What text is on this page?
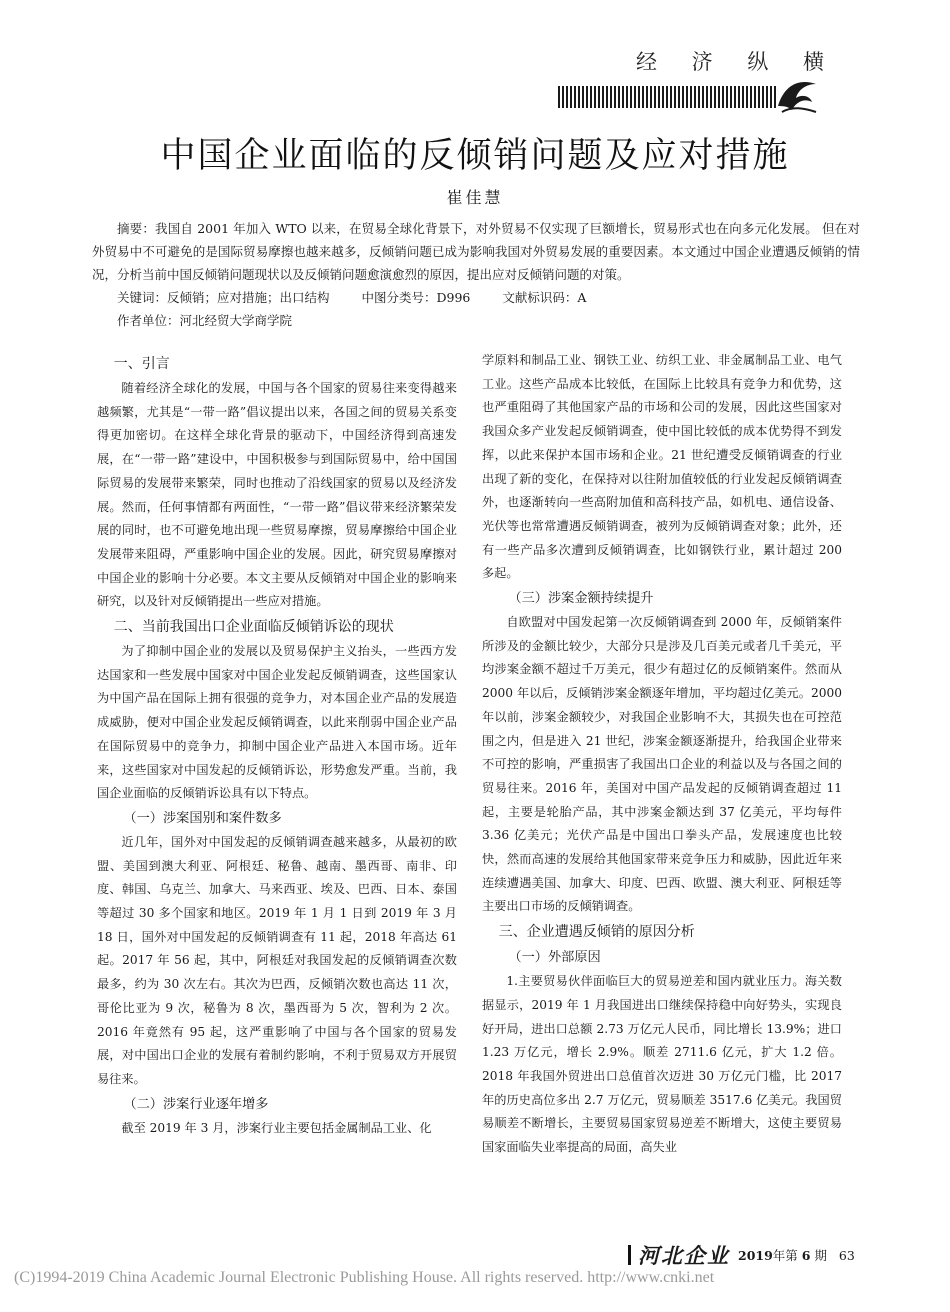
经 济 纵 横
中国企业面临的反倾销问题及应对措施
崔佳慧

摘要：我国自 2001 年加入 WTO 以来，在贸易全球化背景下，对外贸易不仅实现了巨额增长，贸易形式也在向多元化发展。 但在对外贸易中不可避免的是国际贸易摩擦也越来越多，反倾销问题已成为影响我国对外贸易发展的重要因素。本文通过中国企业遭遇反倾销的情况，分析当前中国反倾销问题现状以及反倾销问题愈演愈烈的原因，提出应对反倾销问题的对策。

关键词：反倾销；应对措施；出口结构	中图分类号：D996	文献标识码：A
作者单位：河北经贸大学商学院
一、引言

随着经济全球化的发展，中国与各个国家的贸易往来变得越来越频繁，尤其是“一带一路”倡议提出以来，各国之间的贸易关系变得更加密切。在这样全球化背景的驱动下，中国经济得到高速发展，在“一带一路”建设中，中国积极参与到国际贸易中，给中国国际贸易的发展带来繁荣，同时也推动了沿线国家的贸易以及经济发展。然而，任何事情都有两面性，“一带一路”倡议带来经济繁荣发展的同时，也不可避免地出现一些贸易摩擦，贸易摩擦给中国企业发展带来阻碍，严重影响中国企业的发展。因此，研究贸易摩擦对中国企业的影响十分必要。本文主要从反倾销对中国企业的影响来研究，以及针对反倾销提出一些应对措施。

二、当前我国出口企业面临反倾销诉讼的现状

为了抑制中国企业的发展以及贸易保护主义抬头，一些西方发达国家和一些发展中国家对中国企业发起反倾销调查，这些国家认为中国产品在国际上拥有很强的竞争力，对本国企业产品的发展造成威胁，便对中国企业发起反倾销调查，以此来削弱中国企业产品在国际贸易中的竞争力，抑制中国企业产品进入本国市场。近年来，这些国家对中国发起的反倾销诉讼，形势愈发严重。当前，我国企业面临的反倾销诉讼具有以下特点。

（一）涉案国别和案件数多

近几年，国外对中国发起的反倾销调查越来越多，从最初的欧盟、美国到澳大利亚、阿根廷、秘鲁、越南、墨西哥、南非、印度、韩国、乌克兰、加拿大、马来西亚、埃及、巴西、日本、泰国等超过 30 多个国家和地区。2019 年 1 月 1 日到 2019 年 3 月 18 日，国外对中国发起的反倾销调查有 11 起，2018 年高达 61 起。2017 年 56 起，其中，阿根廷对我国发起的反倾销调查次数最多，约为 30 次左右。其次为巴西，反倾销次数也高达 11 次，哥伦比亚为 9 次，秘鲁为 8 次，墨西哥为 5 次，智利为 2 次。2016 年竟然有 95 起，这严重影响了中国与各个国家的贸易发展，对中国出口企业的发展有着制约影响，不利于贸易双方开展贸易往来。

（二）涉案行业逐年增多

截至 2019 年 3 月，涉案行业主要包括金属制品工业、化

学原料和制品工业、钢铁工业、纺织工业、非金属制品工业、电气工业。这些产品成本比较低，在国际上比较具有竞争力和优势，这也严重阻碍了其他国家产品的市场和公司的发展，因此这些国家对我国众多产业发起反倾销调查，使中国比较低的成本优势得不到发挥，以此来保护本国市场和企业。21 世纪遭受反倾销调查的行业出现了新的变化，在保持对以往附加值较低的行业发起反倾销调查外，也逐渐转向一些高附加值和高科技产品，如机电、通信设备、光伏等也常常遭遇反倾销调查，被列为反倾销调查对象；此外，还有一些产品多次遭到反倾销调查，比如钢铁行业，累计超过 200 多起。

（三）涉案金额持续提升

自欧盟对中国发起第一次反倾销调查到 2000 年，反倾销案件所涉及的金额比较少，大部分只是涉及几百美元或者几千美元，平均涉案金额不超过千万美元，很少有超过亿的反倾销案件。然而从 2000 年以后，反倾销涉案金额逐年增加，平均超过亿美元。2000 年以前，涉案金额较少，对我国企业影响不大，其损失也在可控范围之内，但是进入 21 世纪，涉案金额逐渐提升，给我国企业带来不可控的影响，严重损害了我国出口企业的利益以及与各国之间的贸易往来。2016 年，美国对中国产品发起的反倾销调查超过 11 起，主要是轮胎产品，其中涉案金额达到 37 亿美元，平均每件 3.36 亿美元；光伏产品是中国出口拳头产品，发展速度也比较快，然而高速的发展给其他国家带来竞争压力和威胁，因此近年来连续遭遇美国、加拿大、印度、巴西、欧盟、澳大利亚、阿根廷等主要出口市场的反倾销调查。

三、企业遭遇反倾销的原因分析
（一）外部原因

1.主要贸易伙伴面临巨大的贸易逆差和国内就业压力。海关数据显示，2019 年 1 月我国进出口继续保持稳中向好势头，实现良好开局，进出口总额 2.73 万亿元人民币，同比增长 13.9%；进口 1.23 万亿元，增长 2.9%。顺差 2711.6 亿元，扩大 1.2 倍。2018 年我国外贸进出口总值首次迈进 30 万亿元门槛，比 2017 年的历史高位多出 2.7 万亿元，贸易顺差 3517.6 亿美元。我国贸易顺差不断增长，主要贸易国家贸易逆差不断增大，这使主要贸易国家面临失业率提高的局面，高失业

河北企业 2019年第 6 期 63
(C)1994-2019 China Academic Journal Electronic Publishing House. All rights reserved. http://www.cnki.net
